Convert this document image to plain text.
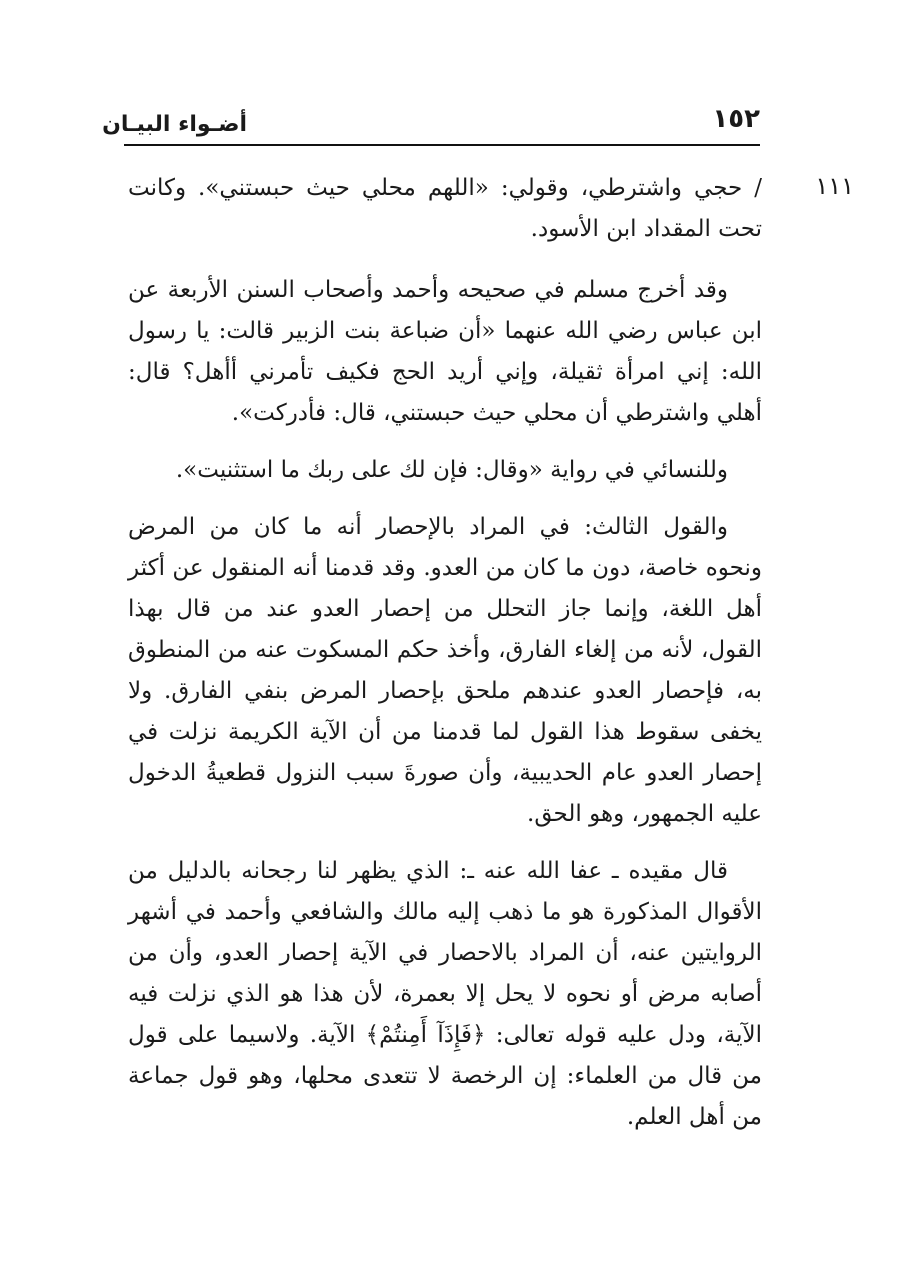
١٥٢
أضـواء البيـان
١١١

/ حجي واشترطي، وقولي: «اللهم محلي حيث حبستني». وكانت تحت المقداد ابن الأسود.

وقد أخرج مسلم في صحيحه وأحمد وأصحاب السنن الأربعة عن ابن عباس رضي الله عنهما «أن ضباعة بنت الزبير قالت: يا رسول الله: إني امرأة ثقيلة، وإني أريد الحج فكيف تأمرني أأهل؟ قال: أهلي واشترطي أن محلي حيث حبستني، قال: فأدركت».

وللنسائي في رواية «وقال: فإن لك على ربك ما استثنيت».

والقول الثالث: في المراد بالإحصار أنه ما كان من المرض ونحوه خاصة، دون ما كان من العدو. وقد قدمنا أنه المنقول عن أكثر أهل اللغة، وإنما جاز التحلل من إحصار العدو عند من قال بهذا القول، لأنه من إلغاء الفارق، وأخذ حكم المسكوت عنه من المنطوق به، فإحصار العدو عندهم ملحق بإحصار المرض بنفي الفارق. ولا يخفى سقوط هذا القول لما قدمنا من أن الآية الكريمة نزلت في إحصار العدو عام الحديبية، وأن صورةَ سبب النزول قطعيةُ الدخول عليه الجمهور، وهو الحق.

قال مقيده ـ عفا الله عنه ـ: الذي يظهر لنا رجحانه بالدليل من الأقوال المذكورة هو ما ذهب إليه مالك والشافعي وأحمد في أشهر الروايتين عنه، أن المراد بالاحصار في الآية إحصار العدو، وأن من أصابه مرض أو نحوه لا يحل إلا بعمرة، لأن هذا هو الذي نزلت فيه الآية، ودل عليه قوله تعالى: ﴿فَإِذَآ أَمِنتُمْ﴾ الآية. ولاسيما على قول من قال من العلماء: إن الرخصة لا تتعدى محلها، وهو قول جماعة من أهل العلم.
